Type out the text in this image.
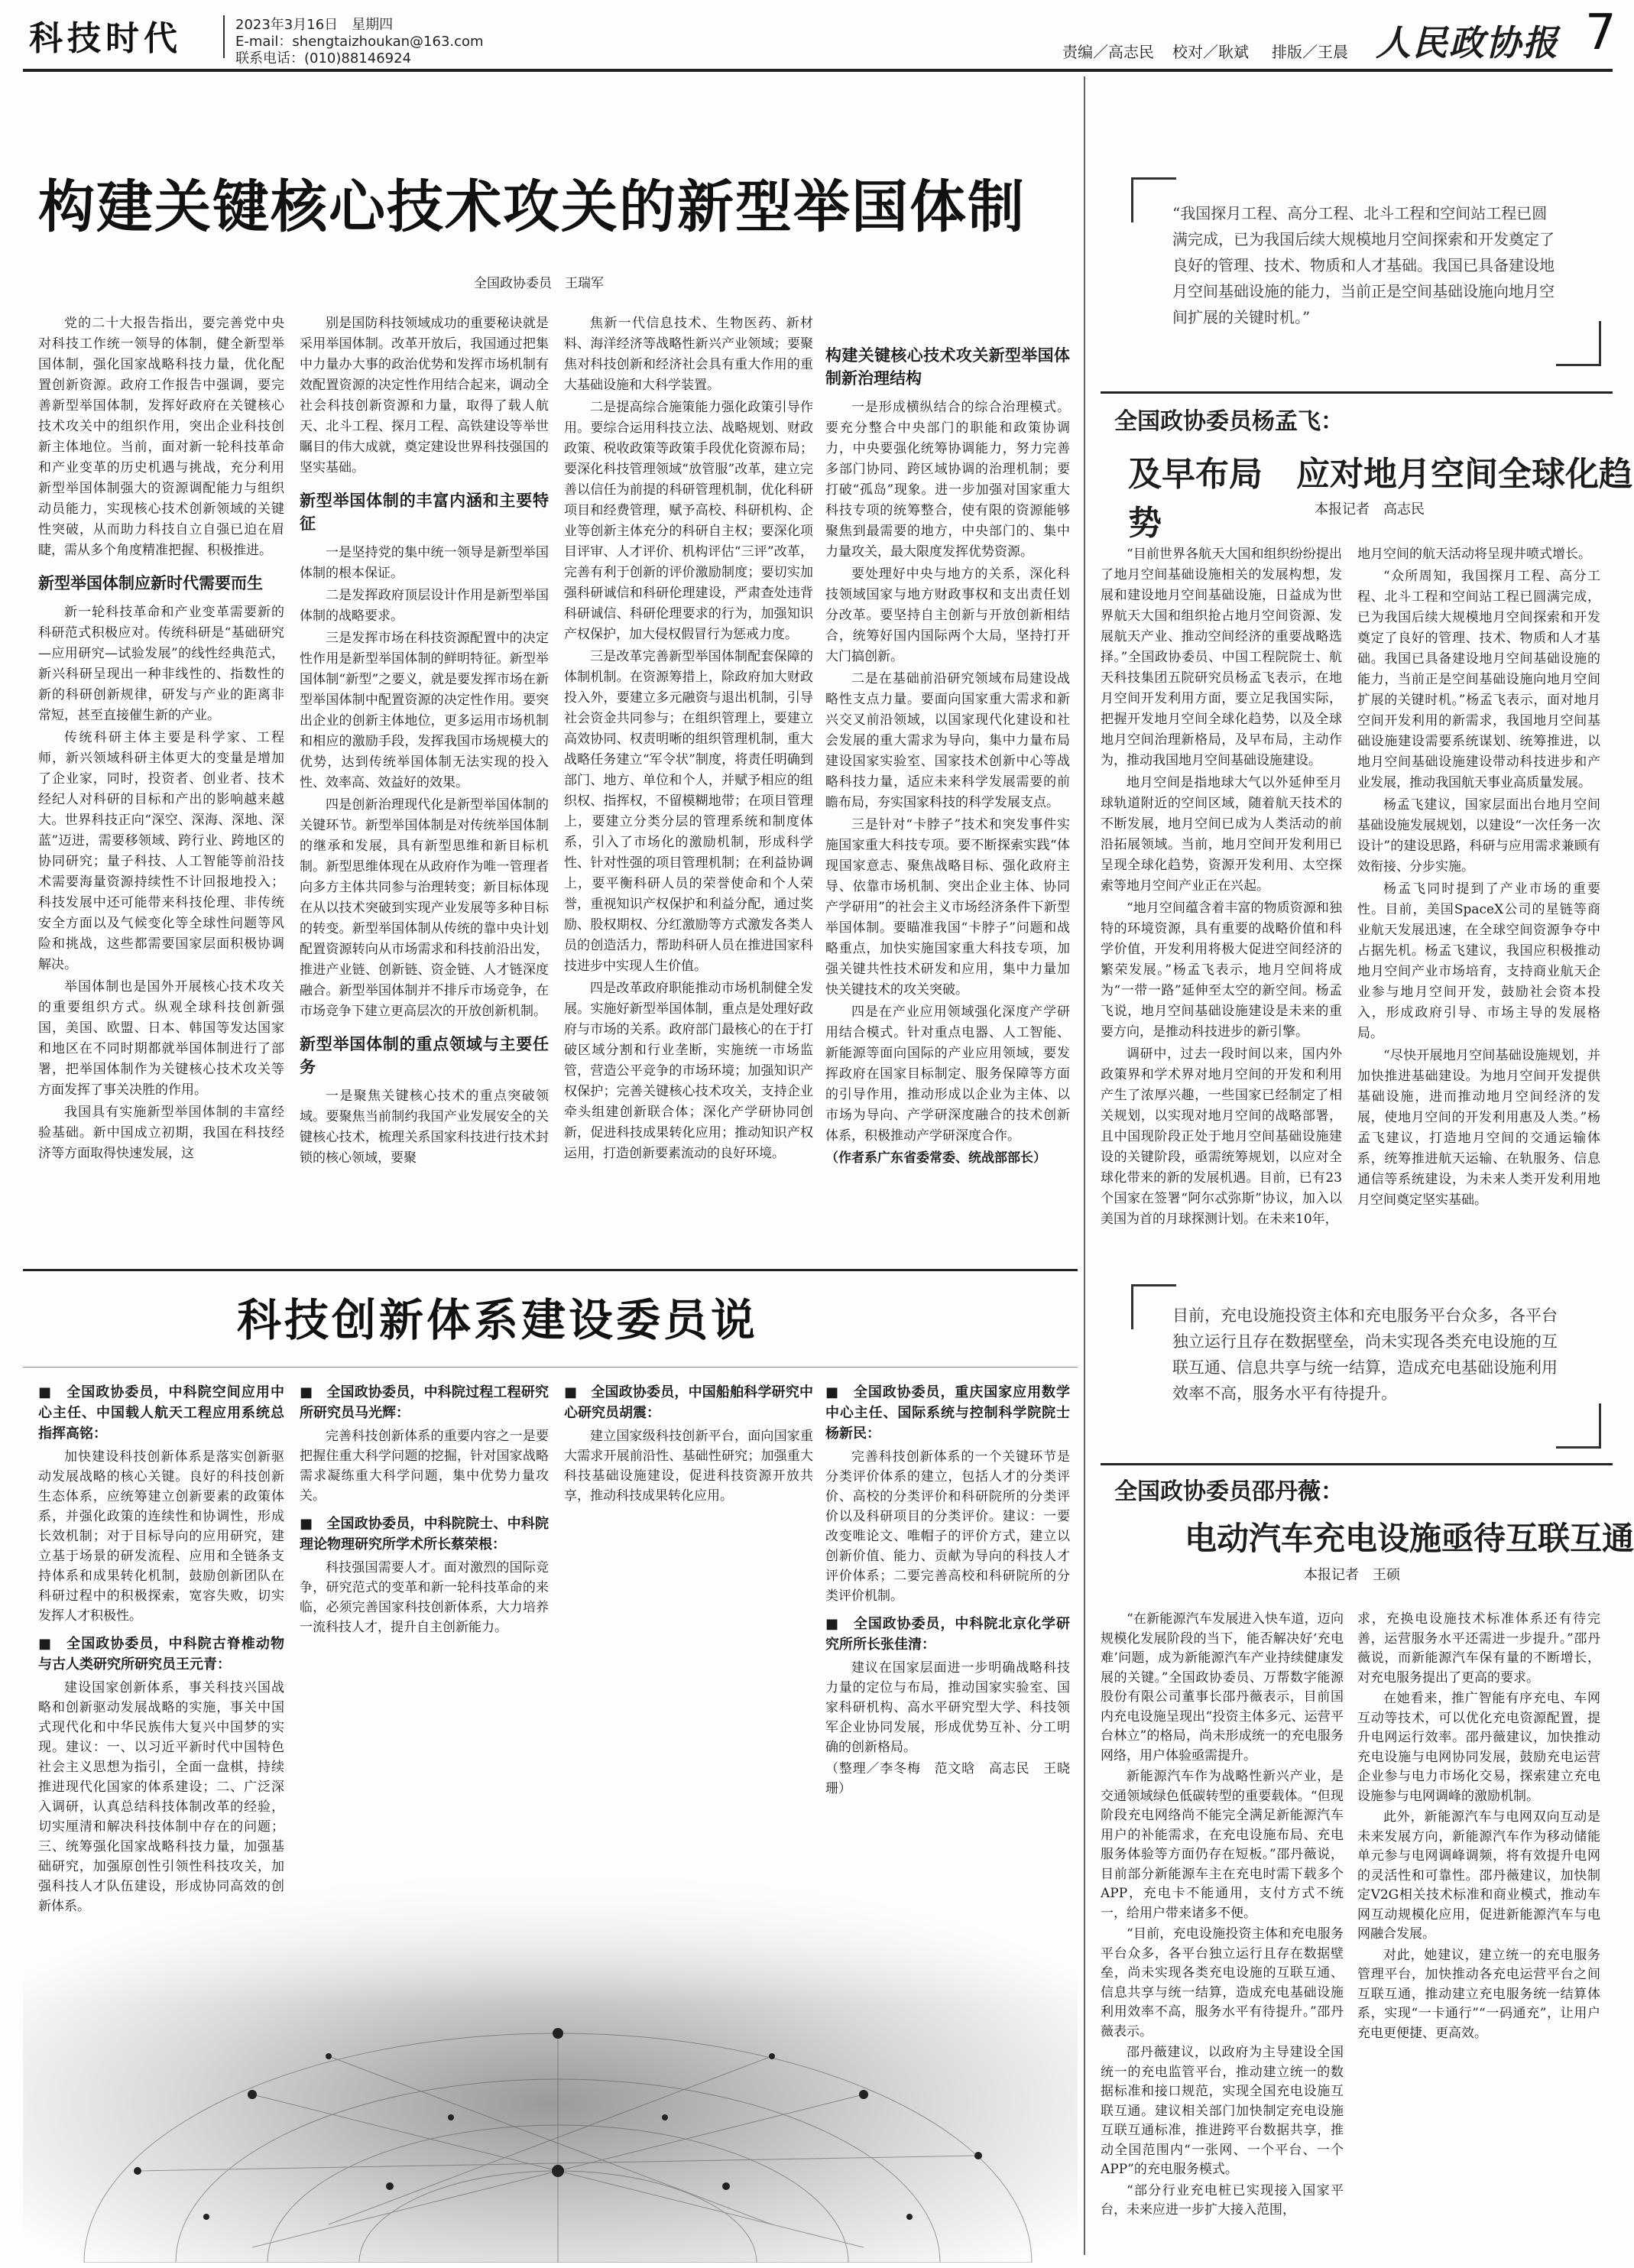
科技时代	2023年3月16日　星期四
E-mail：shengtaizhoukan@163.com
联系电话：(010)88146924	责编／高志民 校对／耿斌 排版／王晨 人民政协报 7
构建关键核心技术攻关的新型举国体制
全国政协委员　王瑞军

党的二十大报告指出，要完善党中央对科技工作统一领导的体制，健全新型举国体制，强化国家战略科技力量，优化配置创新资源。政府工作报告中强调，要完善新型举国体制，发挥好政府在关键核心技术攻关中的组织作用，突出企业科技创新主体地位。当前，面对新一轮科技革命和产业变革的历史机遇与挑战，充分利用新型举国体制强大的资源调配能力与组织动员能力，实现核心技术创新领域的关键性突破，从而助力科技自立自强已迫在眉睫，需从多个角度精准把握、积极推进。

新型举国体制应新时代需要而生

新一轮科技革命和产业变革需要新的科研范式积极应对。传统科研是“基础研究—应用研究—试验发展”的线性经典范式，新兴科研呈现出一种非线性的、指数性的新的科研创新规律，研发与产业的距离非常短，甚至直接催生新的产业。

传统科研主体主要是科学家、工程师，新兴领域科研主体更大的变量是增加了企业家，同时，投资者、创业者、技术经纪人对科研的目标和产出的影响越来越大。世界科技正向“深空、深海、深地、深蓝”迈进，需要移领域、跨行业、跨地区的协同研究；量子科技、人工智能等前沿技术需要海量资源持续性不计回报地投入；科技发展中还可能带来科技伦理、非传统安全方面以及气候变化等全球性问题等风险和挑战，这些都需要国家层面积极协调解决。

举国体制也是国外开展核心技术攻关的重要组织方式。纵观全球科技创新强国，美国、欧盟、日本、韩国等发达国家和地区在不同时期都就举国体制进行了部署，把举国体制作为关键核心技术攻关等方面发挥了事关决胜的作用。

我国具有实施新型举国体制的丰富经验基础。新中国成立初期，我国在科技经济等方面取得快速发展，这

别是国防科技领域成功的重要秘诀就是采用举国体制。改革开放后，我国通过把集中力量办大事的政治优势和发挥市场机制有效配置资源的决定性作用结合起来，调动全社会科技创新资源和力量，取得了载人航天、北斗工程、探月工程、高铁建设等举世瞩目的伟大成就，奠定建设世界科技强国的坚实基础。

新型举国体制的丰富内涵和主要特征

一是坚持党的集中统一领导是新型举国体制的根本保证。

二是发挥政府顶层设计作用是新型举国体制的战略要求。

三是发挥市场在科技资源配置中的决定性作用是新型举国体制的鲜明特征。新型举国体制“新型”之要义，就是要发挥市场在新型举国体制中配置资源的决定性作用。要突出企业的创新主体地位，更多运用市场机制和相应的激励手段，发挥我国市场规模大的优势，达到传统举国体制无法实现的投入性、效率高、效益好的效果。

四是创新治理现代化是新型举国体制的关键环节。新型举国体制是对传统举国体制的继承和发展，具有新型思维和新目标机制。新型思维体现在从政府作为唯一管理者向多方主体共同参与治理转变；新目标体现在从以技术突破到实现产业发展等多种目标的转变。新型举国体制从传统的靠中央计划配置资源转向从市场需求和科技前沿出发，推进产业链、创新链、资金链、人才链深度融合。新型举国体制并不排斥市场竞争，在市场竞争下建立更高层次的开放创新机制。

新型举国体制的重点领域与主要任务

一是聚焦关键核心技术的重点突破领域。要聚焦当前制约我国产业发展安全的关键核心技术，梳理关系国家科技进行技术封锁的核心领域，要聚

焦新一代信息技术、生物医药、新材料、海洋经济等战略性新兴产业领域；要聚焦对科技创新和经济社会具有重大作用的重大基础设施和大科学装置。

二是提高综合施策能力强化政策引导作用。要综合运用科技立法、战略规划、财政政策、税收政策等政策手段优化资源布局；要深化科技管理领域“放管服”改革，建立完善以信任为前提的科研管理机制，优化科研项目和经费管理，赋予高校、科研机构、企业等创新主体充分的科研自主权；要深化项目评审、人才评价、机构评估“三评”改革，完善有利于创新的评价激励制度；要切实加强科研诚信和科研伦理建设，严肃查处违背科研诚信、科研伦理要求的行为，加强知识产权保护，加大侵权假冒行为惩戒力度。

三是改革完善新型举国体制配套保障的体制机制。在资源筹措上，除政府加大财政投入外，要建立多元融资与退出机制，引导社会资金共同参与；在组织管理上，要建立高效协同、权责明晰的组织管理机制，重大战略任务建立“军令状”制度，将责任明确到部门、地方、单位和个人，并赋予相应的组织权、指挥权，不留模糊地带；在项目管理上，要建立分类分层的管理系统和制度体系，引入了市场化的激励机制，形成科学性、针对性强的项目管理机制；在利益协调上，要平衡科研人员的荣誉使命和个人荣誉，重视知识产权保护和利益分配，通过奖励、股权期权、分红激励等方式激发各类人员的创造活力，帮助科研人员在推进国家科技进步中实现人生价值。

四是改革政府职能推动市场机制健全发展。实施好新型举国体制，重点是处理好政府与市场的关系。政府部门最核心的在于打破区域分割和行业垄断，实施统一市场监管，营造公平竞争的市场环境；加强知识产权保护；完善关键核心技术攻关，支持企业牵头组建创新联合体；深化产学研协同创新，促进科技成果转化应用；推动知识产权运用，打造创新要素流动的良好环境。

构建关键核心技术攻关新型举国体制新治理结构

一是形成横纵结合的综合治理模式。要充分整合中央部门的职能和政策协调力，中央要强化统筹协调能力，努力完善多部门协同、跨区域协调的治理机制；要打破“孤岛”现象。进一步加强对国家重大科技专项的统筹整合，使有限的资源能够聚焦到最需要的地方，中央部门的、集中力量攻关，最大限度发挥优势资源。

要处理好中央与地方的关系，深化科技领域国家与地方财政事权和支出责任划分改革。要坚持自主创新与开放创新相结合，统筹好国内国际两个大局，坚持打开大门搞创新。

二是在基础前沿研究领域布局建设战略性支点力量。要面向国家重大需求和新兴交叉前沿领域，以国家现代化建设和社会发展的重大需求为导向，集中力量布局建设国家实验室、国家技术创新中心等战略科技力量，适应未来科学发展需要的前瞻布局，夯实国家科技的科学发展支点。

三是针对“卡脖子”技术和突发事件实施国家重大科技专项。要不断探索实践“体现国家意志、聚焦战略目标、强化政府主导、依靠市场机制、突出企业主体、协同产学研用”的社会主义市场经济条件下新型举国体制。要瞄准我国“卡脖子”问题和战略重点，加快实施国家重大科技专项，加强关键共性技术研发和应用，集中力量加快关键技术的攻关突破。

四是在产业应用领域强化深度产学研用结合模式。针对重点电器、人工智能、新能源等面向国际的产业应用领域，要发挥政府在国家目标制定、服务保障等方面的引导作用，推动形成以企业为主体、以市场为导向、产学研深度融合的技术创新体系，积极推动产学研深度合作。

（作者系广东省委常委、统战部部长）

“我国探月工程、高分工程、北斗工程和空间站工程已圆满完成，已为我国后续大规模地月空间探索和开发奠定了良好的管理、技术、物质和人才基础。我国已具备建设地月空间基础设施的能力，当前正是空间基础设施向地月空间扩展的关键时机。”
全国政协委员杨孟飞：
及早布局　应对地月空间全球化趋势	本报记者　高志民

“目前世界各航天大国和组织纷纷提出了地月空间基础设施相关的发展构想，发展和建设地月空间基础设施，日益成为世界航天大国和组织抢占地月空间资源、发展航天产业、推动空间经济的重要战略选择。”全国政协委员、中国工程院院士、航天科技集团五院研究员杨孟飞表示，在地月空间开发利用方面，要立足我国实际，把握开发地月空间全球化趋势，以及全球地月空间治理新格局，及早布局，主动作为，推动我国地月空间基础设施建设。

地月空间是指地球大气以外延伸至月球轨道附近的空间区域，随着航天技术的不断发展，地月空间已成为人类活动的前沿拓展领域。当前，地月空间开发利用已呈现全球化趋势，资源开发利用、太空探索等地月空间产业正在兴起。

“地月空间蕴含着丰富的物质资源和独特的环境资源，具有重要的战略价值和科学价值，开发利用将极大促进空间经济的繁荣发展。”杨孟飞表示，地月空间将成为“一带一路”延伸至太空的新空间。杨孟飞说，地月空间基础设施建设是未来的重要方向，是推动科技进步的新引擎。

调研中，过去一段时间以来，国内外政策界和学术界对地月空间的开发和利用产生了浓厚兴趣，一些国家已经制定了相关规划，以实现对地月空间的战略部署，且中国现阶段正处于地月空间基础设施建设的关键阶段，亟需统筹规划，以应对全球化带来的新的发展机遇。目前，已有23个国家在签署“阿尔忒弥斯”协议，加入以美国为首的月球探测计划。在未来10年，

地月空间的航天活动将呈现井喷式增长。

“众所周知，我国探月工程、高分工程、北斗工程和空间站工程已圆满完成，已为我国后续大规模地月空间探索和开发奠定了良好的管理、技术、物质和人才基础。我国已具备建设地月空间基础设施的能力，当前正是空间基础设施向地月空间扩展的关键时机。”杨孟飞表示，面对地月空间开发利用的新需求，我国地月空间基础设施建设需要系统谋划、统筹推进，以地月空间基础设施建设带动科技进步和产业发展，推动我国航天事业高质量发展。

杨孟飞建议，国家层面出台地月空间基础设施发展规划，以建设“一次任务一次设计”的建设思路，科研与应用需求兼顾有效衔接、分步实施。

杨孟飞同时提到了产业市场的重要性。目前，美国SpaceX公司的星链等商业航天发展迅速，在全球空间资源争夺中占据先机。杨孟飞建议，我国应积极推动地月空间产业市场培育，支持商业航天企业参与地月空间开发，鼓励社会资本投入，形成政府引导、市场主导的发展格局。

“尽快开展地月空间基础设施规划，并加快推进基础建设。为地月空间开发提供基础设施，进而推动地月空间经济的发展，使地月空间的开发利用惠及人类。”杨孟飞建议，打造地月空间的交通运输体系，统筹推进航天运输、在轨服务、信息通信等系统建设，为未来人类开发利用地月空间奠定坚实基础。

目前，充电设施投资主体和充电服务平台众多，各平台独立运行且存在数据壁垒，尚未实现各类充电设施的互联互通、信息共享与统一结算，造成充电基础设施利用效率不高，服务水平有待提升。
全国政协委员邵丹薇：
电动汽车充电设施亟待互联互通
本报记者　王硕

“在新能源汽车发展进入快车道，迈向规模化发展阶段的当下，能否解决好‘充电难’问题，成为新能源汽车产业持续健康发展的关键。”全国政协委员、万帮数字能源股份有限公司董事长邵丹薇表示，目前国内充电设施呈现出“投资主体多元、运营平台林立”的格局，尚未形成统一的充电服务网络，用户体验亟需提升。

新能源汽车作为战略性新兴产业，是交通领域绿色低碳转型的重要载体。“但现阶段充电网络尚不能完全满足新能源汽车用户的补能需求，在充电设施布局、充电服务体验等方面仍存在短板。”邵丹薇说，目前部分新能源车主在充电时需下载多个APP，充电卡不能通用，支付方式不统一，给用户带来诸多不便。

“目前，充电设施投资主体和充电服务平台众多，各平台独立运行且存在数据壁垒，尚未实现各类充电设施的互联互通、信息共享与统一结算，造成充电基础设施利用效率不高，服务水平有待提升。”邵丹薇表示。

邵丹薇建议，以政府为主导建设全国统一的充电监管平台，推动建立统一的数据标准和接口规范，实现全国充电设施互联互通。建议相关部门加快制定充电设施互联互通标准，推进跨平台数据共享，推动全国范围内“一张网、一个平台、一个APP”的充电服务模式。

“部分行业充电桩已实现接入国家平台，未来应进一步扩大接入范围，

求，充换电设施技术标准体系还有待完善，运营服务水平还需进一步提升。”邵丹薇说，而新能源汽车保有量的不断增长，对充电服务提出了更高的要求。

在她看来，推广智能有序充电、车网互动等技术，可以优化充电资源配置，提升电网运行效率。邵丹薇建议，加快推动充电设施与电网协同发展，鼓励充电运营企业参与电力市场化交易，探索建立充电设施参与电网调峰的激励机制。

此外，新能源汽车与电网双向互动是未来发展方向，新能源汽车作为移动储能单元参与电网调峰调频，将有效提升电网的灵活性和可靠性。邵丹薇建议，加快制定V2G相关技术标准和商业模式，推动车网互动规模化应用，促进新能源汽车与电网融合发展。

对此，她建议，建立统一的充电服务管理平台，加快推动各充电运营平台之间互联互通，推动建立充电服务统一结算体系，实现“一卡通行”“一码通充”，让用户充电更便捷、更高效。

科技创新体系建设委员说
■　全国政协委员，中科院空间应用中心主任、中国载人航天工程应用系统总指挥高铭：

加快建设科技创新体系是落实创新驱动发展战略的核心关键。良好的科技创新生态体系，应统筹建立创新要素的政策体系，并强化政策的连续性和协调性，形成长效机制；对于目标导向的应用研究，建立基于场景的研发流程、应用和全链条支持体系和成果转化机制，鼓励创新团队在科研过程中的积极探索，宽容失败，切实发挥人才积极性。

■　全国政协委员，中科院古脊椎动物与古人类研究所研究员王元青：

建设国家创新体系，事关科技兴国战略和创新驱动发展战略的实施，事关中国式现代化和中华民族伟大复兴中国梦的实现。建议：一、以习近平新时代中国特色社会主义思想为指引，全面一盘棋，持续推进现代化国家的体系建设；二、广泛深入调研，认真总结科技体制改革的经验，切实厘清和解决科技体制中存在的问题；三、统筹强化国家战略科技力量，加强基础研究，加强原创性引领性科技攻关，加强科技人才队伍建设，形成协同高效的创新体系。

■　全国政协委员，中科院过程工程研究所研究员马光辉：

完善科技创新体系的重要内容之一是要把握住重大科学问题的挖掘，针对国家战略需求凝练重大科学问题，集中优势力量攻关。

■　全国政协委员，中科院院士、中科院理论物理研究所学术所长蔡荣根：

科技强国需要人才。面对激烈的国际竞争，研究范式的变革和新一轮科技革命的来临，必须完善国家科技创新体系，大力培养一流科技人才，提升自主创新能力。

■　全国政协委员，中国船舶科学研究中心研究员胡震：

建立国家级科技创新平台，面向国家重大需求开展前沿性、基础性研究；加强重大科技基础设施建设，促进科技资源开放共享，推动科技成果转化应用。

■　全国政协委员，重庆国家应用数学中心主任、国际系统与控制科学院院士杨新民：

完善科技创新体系的一个关键环节是分类评价体系的建立，包括人才的分类评价、高校的分类评价和科研院所的分类评价以及科研项目的分类评价。建议：一要改变唯论文、唯帽子的评价方式，建立以创新价值、能力、贡献为导向的科技人才评价体系；二要完善高校和科研院所的分类评价机制。

■　全国政协委员，中科院北京化学研究所所长张佳清：

建议在国家层面进一步明确战略科技力量的定位与布局，推动国家实验室、国家科研机构、高水平研究型大学、科技领军企业协同发展，形成优势互补、分工明确的创新格局。

（整理／李冬梅　范文晗　高志民　王晓珊）
